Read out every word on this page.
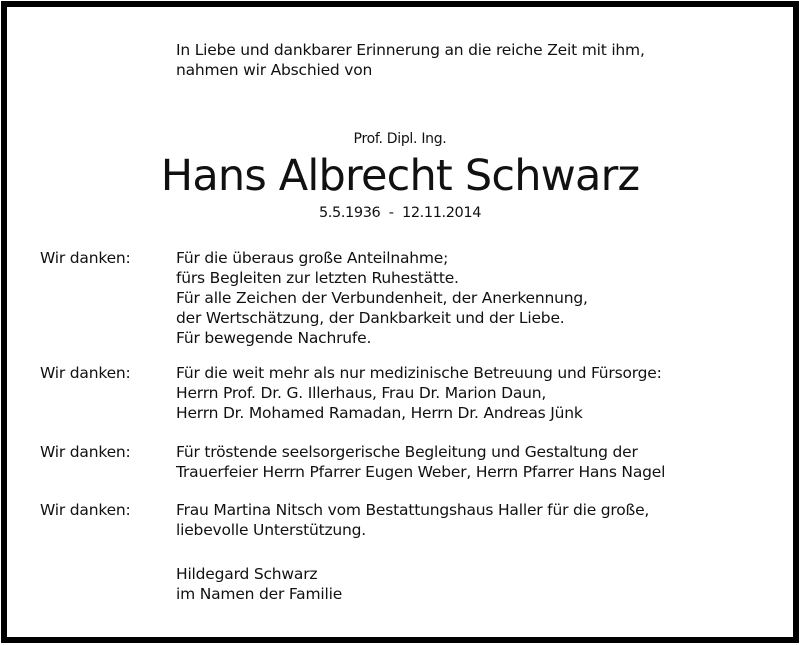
In Liebe und dankbarer Erinnerung an die reiche Zeit mit ihm,
nahmen wir Abschied von
Prof. Dipl. Ing.
Hans Albrecht Schwarz
5.5.1936  -  12.11.2014
Wir danken:	Für die überaus große Anteilnahme;
fürs Begleiten zur letzten Ruhestätte.
Für alle Zeichen der Verbundenheit, der Anerkennung,
der Wertschätzung, der Dankbarkeit und der Liebe.
Für bewegende Nachrufe.
Wir danken:	Für die weit mehr als nur medizinische Betreuung und Fürsorge:
Herrn Prof. Dr. G. Illerhaus, Frau Dr. Marion Daun,
Herrn Dr. Mohamed Ramadan, Herrn Dr. Andreas Jünk
Wir danken:	Für tröstende seelsorgerische Begleitung und Gestaltung der
Trauerfeier Herrn Pfarrer Eugen Weber, Herrn Pfarrer Hans Nagel
Wir danken:	Frau Martina Nitsch vom Bestattungshaus Haller für die große,
liebevolle Unterstützung.
Hildegard Schwarz
im Namen der Familie
